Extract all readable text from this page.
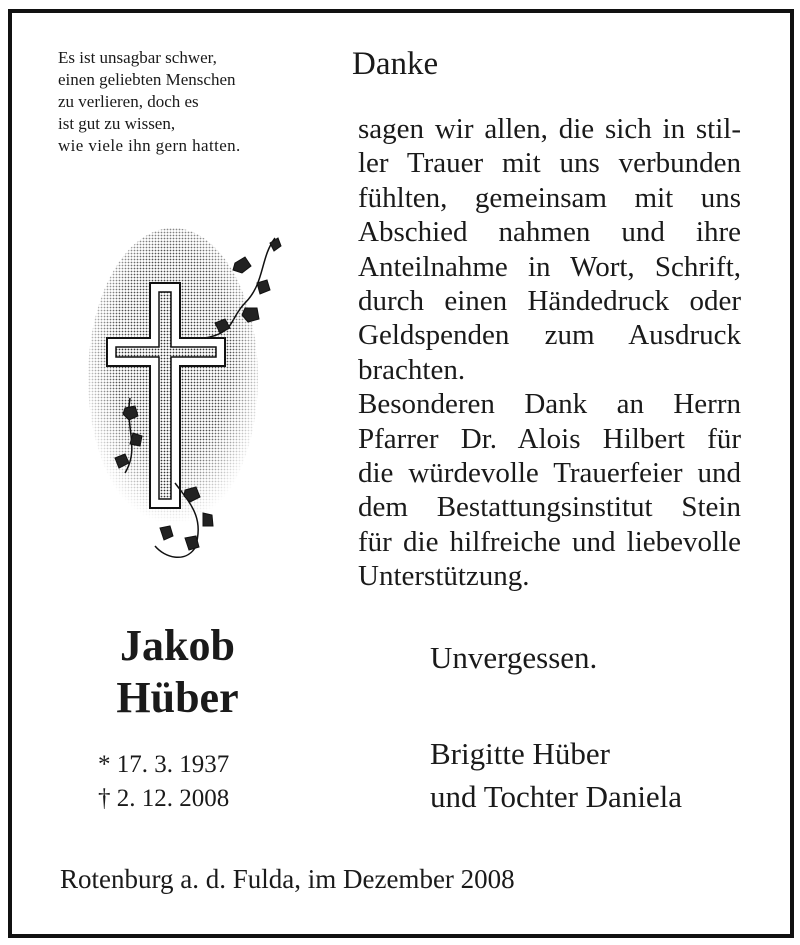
Es ist unsagbar schwer,
einen geliebten Menschen
zu verlieren, doch es
ist gut zu wissen,
wie viele ihn gern hatten.
Danke
sagen wir allen, die sich in stil-
ler Trauer mit uns verbunden
fühlten, gemeinsam mit uns
Abschied nahmen und ihre
Anteilnahme in Wort, Schrift,
durch einen Händedruck oder
Geldspenden zum Ausdruck
brachten.
Besonderen Dank an Herrn
Pfarrer Dr. Alois Hilbert für
die würdevolle Trauerfeier und
dem Bestattungsinstitut Stein
für die hilfreiche und liebevolle
Unterstützung.
Jakob
Hüber
* 17. 3. 1937
† 2. 12. 2008
Unvergessen.
Brigitte Hüber
und Tochter Daniela
Rotenburg a. d. Fulda, im Dezember 2008
